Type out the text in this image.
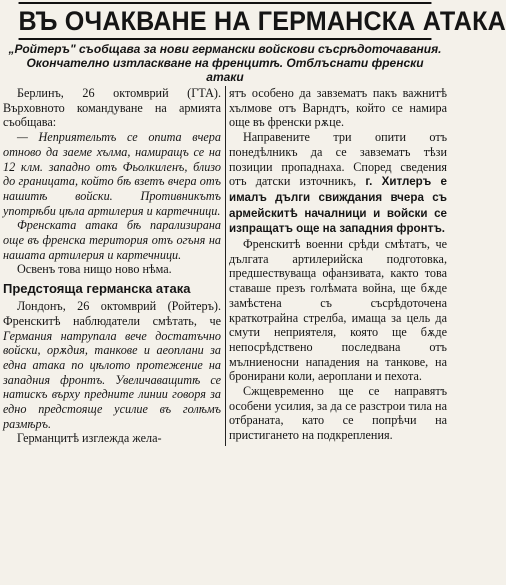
ВЪ ОЧАКВАНЕ НА ГЕРМАНСКА АТАКА
„Ройтеръ" съобщава за нови германски войскови съсрѣдоточавания. Окончателно изтласкване на френцитѣ. Отблъснати френски атаки

Берлинъ, 26 октомврий (ГТА). Върховното командуване на армията съобщава:

— Неприятельтъ се опита вчера отново да заеме хълма, намиращъ се на 12 клм. западно отъ Фьолкиленъ, близо до границата, който бѣ взетъ вчера отъ нашитѣ войски. Противникътъ употрѣби цѣла артилерия и картечници.

Френската атака бѣ парализирана още въ френска територия отъ огъня на нашата артилерия и картечници.

Освенъ това нищо ново нѣма.

Предстояща германска атака

Лондонъ, 26 октомврий (Ройтеръ). Френскитѣ наблюдатели смѣтать, че Германия натрупала вече достатъчно войски, орѫдия, танкове и аеоплани за една атака по цѣлото протежение на западния фронтъ. Увеличаващитѣ се натискъ върху предните линии говоря за едно предстояще усилие въ голѣмъ размѣръ.

Германцитѣ изглежда жела-

ятъ особено да завзематъ пакъ важнитѣ хълмове отъ Варндтъ, който се намира още въ френски рѫце.

Направените три опити отъ понедѣлникъ да се завзематъ тѣзи позиции пропаднаха. Според сведения отъ датски източникъ, г. Хитлеръ е ималъ дълги свиждания вчера съ армейскитѣ началници и войски се изпращатъ още на западния фронтъ.

Френскитѣ военни срѣди смѣтатъ, че дългата артилерийска подготовка, предшествуваща офанзивата, както това ставаше презъ голѣмата война, ще бѫде замѣстена съ съсрѣдоточена краткотрайна стрелба, имаща за цель да смути неприятеля, която ще бѫде непосрѣдствено последвана отъ мълниеносни нападения на танкове, на бронирани коли, аероплани и пехота.

Сжщевременно ще се направятъ особени усилия, за да се разстрои тила на отбраната, като се попрѣчи на пристигането на подкрепления.
